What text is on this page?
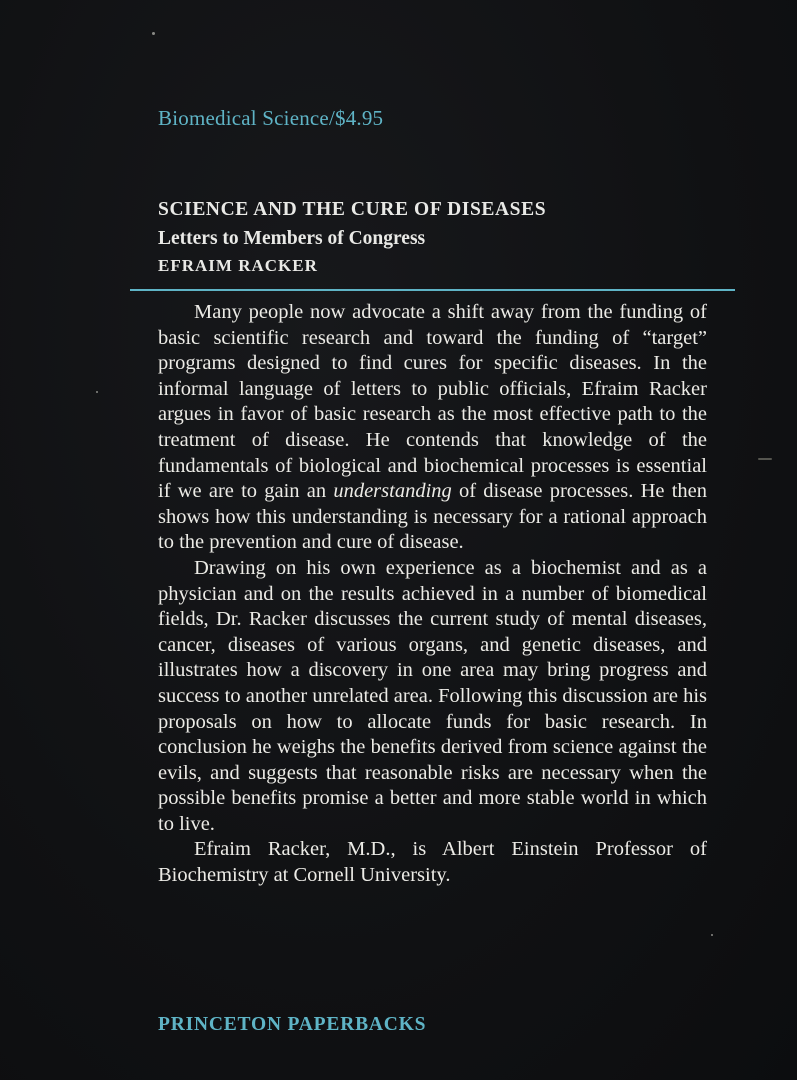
Biomedical Science/$4.95
SCIENCE AND THE CURE OF DISEASES
Letters to Members of Congress
EFRAIM RACKER

Many people now advocate a shift away from the funding of basic scientific research and toward the funding of “target” programs designed to find cures for specific diseases. In the informal language of letters to public officials, Efraim Racker argues in favor of basic research as the most effective path to the treatment of disease. He contends that knowledge of the fundamentals of biological and biochemical processes is essential if we are to gain an understanding of disease processes. He then shows how this understanding is necessary for a rational approach to the prevention and cure of disease.

Drawing on his own experience as a biochemist and as a physician and on the results achieved in a number of biomedical fields, Dr. Racker discusses the current study of mental diseases, cancer, diseases of various organs, and genetic diseases, and illustrates how a discovery in one area may bring progress and success to another unrelated area. Following this discussion are his proposals on how to allocate funds for basic research. In conclusion he weighs the benefits derived from science against the evils, and suggests that reasonable risks are necessary when the possible benefits promise a better and more stable world in which to live.

Efraim Racker, M.D., is Albert Einstein Professor of Biochemistry at Cornell University.

PRINCETON PAPERBACKS
